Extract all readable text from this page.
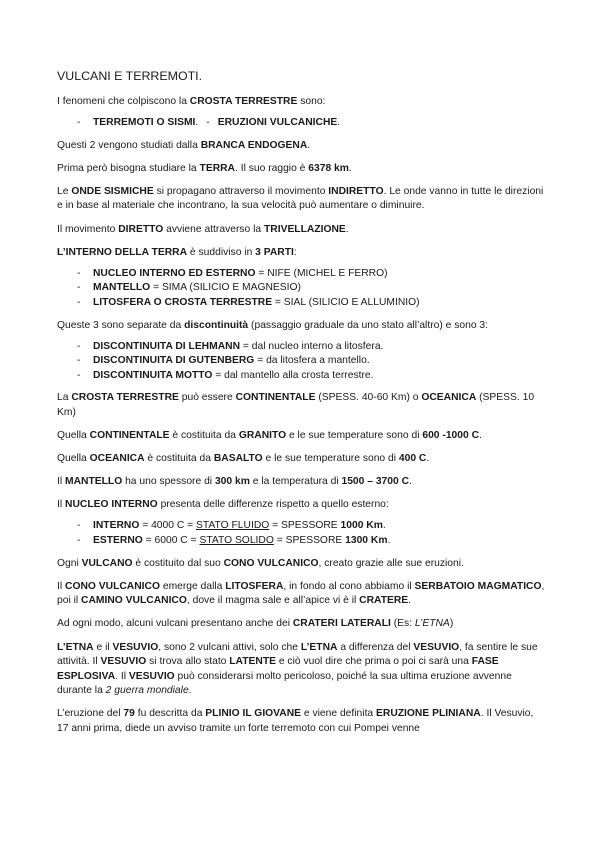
VULCANI E TERREMOTI.

I fenomeni che colpiscono la CROSTA TERRESTRE sono:

- TERREMOTI O SISMI. - ERUZIONI VULCANICHE.

Questi 2 vengono studiati dalla BRANCA ENDOGENA.

Prima però bisogna studiare la TERRA. Il suo raggio è 6378 km.

Le ONDE SISMICHE si propagano attraverso il movimento INDIRETTO. Le onde vanno in tutte le direzioni e in base al materiale che incontrano, la sua velocità può aumentare o diminuire.

Il movimento DIRETTO avviene attraverso la TRIVELLAZIONE.

L’INTERNO DELLA TERRA è suddiviso in 3 PARTI:

- NUCLEO INTERNO ED ESTERNO = NIFE (MICHEL E FERRO)
- MANTELLO = SIMA (SILICIO E MAGNESIO)
- LITOSFERA O CROSTA TERRESTRE = SIAL (SILICIO E ALLUMINIO)

Queste 3 sono separate da discontinuità (passaggio graduale da uno stato all’altro) e sono 3:

- DISCONTINUITA DI LEHMANN = dal nucleo interno a litosfera.
- DISCONTINUITA DI GUTENBERG = da litosfera a mantello.
- DISCONTINUITA MOTTO = dal mantello alla crosta terrestre.

La CROSTA TERRESTRE può essere CONTINENTALE (SPESS. 40-60 Km) o OCEANICA (SPESS. 10 Km)

Quella CONTINENTALE è costituita da GRANITO e le sue temperature sono di 600 -1000 C.

Quella OCEANICA è costituita da BASALTO e le sue temperature sono di 400 C.

Il MANTELLO ha uno spessore di 300 km e la temperatura di 1500 – 3700 C.

Il NUCLEO INTERNO presenta delle differenze rispetto a quello esterno:

- INTERNO = 4000 C = STATO FLUIDO = SPESSORE 1000 Km.
- ESTERNO = 6000 C = STATO SOLIDO = SPESSORE 1300 Km.

Ogni VULCANO è costituito dal suo CONO VULCANICO, creato grazie alle sue eruzioni.

Il CONO VULCANICO emerge dalla LITOSFERA, in fondo al cono abbiamo il SERBATOIO MAGMATICO, poi il CAMINO VULCANICO, dove il magma sale e all’apice vi è il CRATERE.

Ad ogni modo, alcuni vulcani presentano anche dei CRATERI LATERALI (Es: L’ETNA)

L’ETNA e il VESUVIO, sono 2 vulcani attivi, solo che L’ETNA a differenza del VESUVIO, fa sentire le sue attività. Il VESUVIO si trova allo stato LATENTE e ciò vuol dire che prima o poi ci sarà una FASE ESPLOSIVA. Il VESUVIO può considerarsi molto pericoloso, poiché la sua ultima eruzione avvenne durante la 2 guerra mondiale.

L’eruzione del 79 fu descritta da PLINIO IL GIOVANE e viene definita ERUZIONE PLINIANA. Il Vesuvio, 17 anni prima, diede un avviso tramite un forte terremoto con cui Pompei venne
